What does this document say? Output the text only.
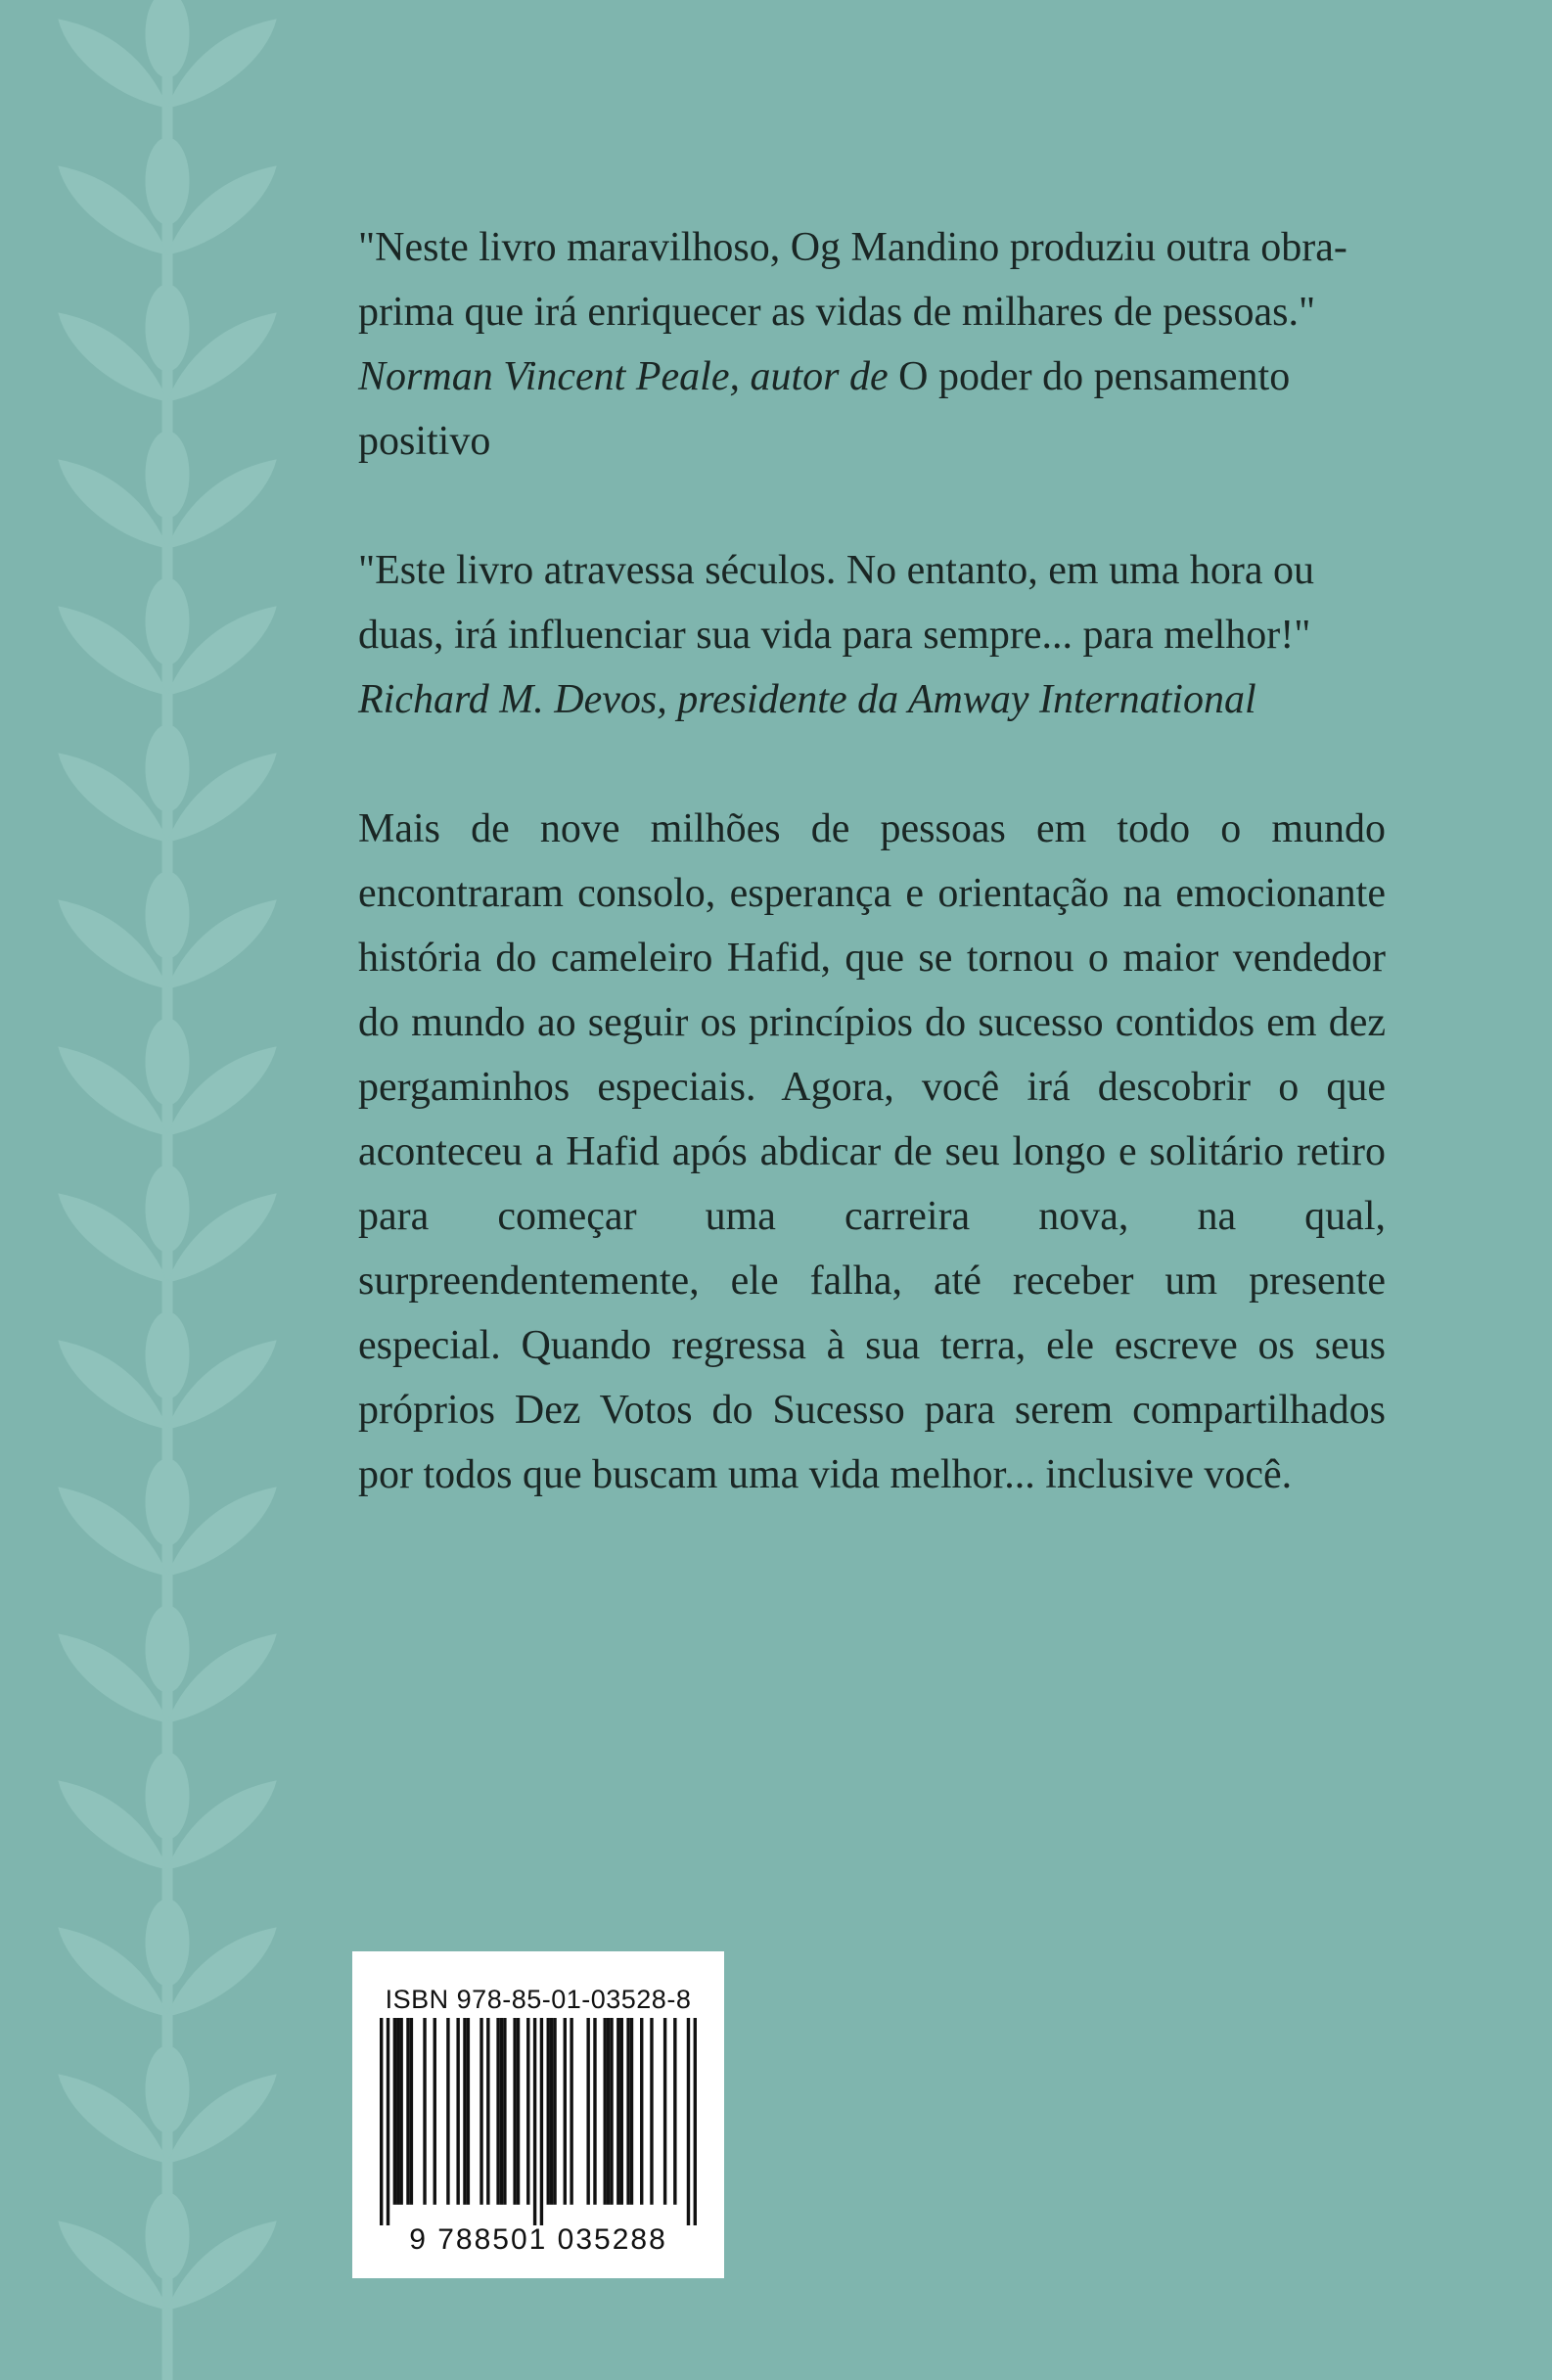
"Neste livro maravilhoso, Og Mandino produziu outra obra-prima que irá enriquecer as vidas de milhares de pessoas."

Norman Vincent Peale, autor de O poder do pensamento positivo

"Este livro atravessa séculos. No entanto, em uma hora ou duas, irá influenciar sua vida para sempre... para melhor!"

Richard M. Devos, presidente da Amway International

Mais de nove milhões de pessoas em todo o mundo encontraram consolo, esperança e orientação na emocionante história do cameleiro Hafid, que se tornou o maior vendedor do mundo ao seguir os princípios do sucesso contidos em dez pergaminhos especiais. Agora, você irá descobrir o que aconteceu a Hafid após abdicar de seu longo e solitário retiro para começar uma carreira nova, na qual, surpreendentemente, ele falha, até receber um presente especial. Quando regressa à sua terra, ele escreve os seus próprios Dez Votos do Sucesso para serem compartilhados por todos que buscam uma vida melhor... inclusive você.

ISBN 978-85-01-03528-8
9 788501 035288
